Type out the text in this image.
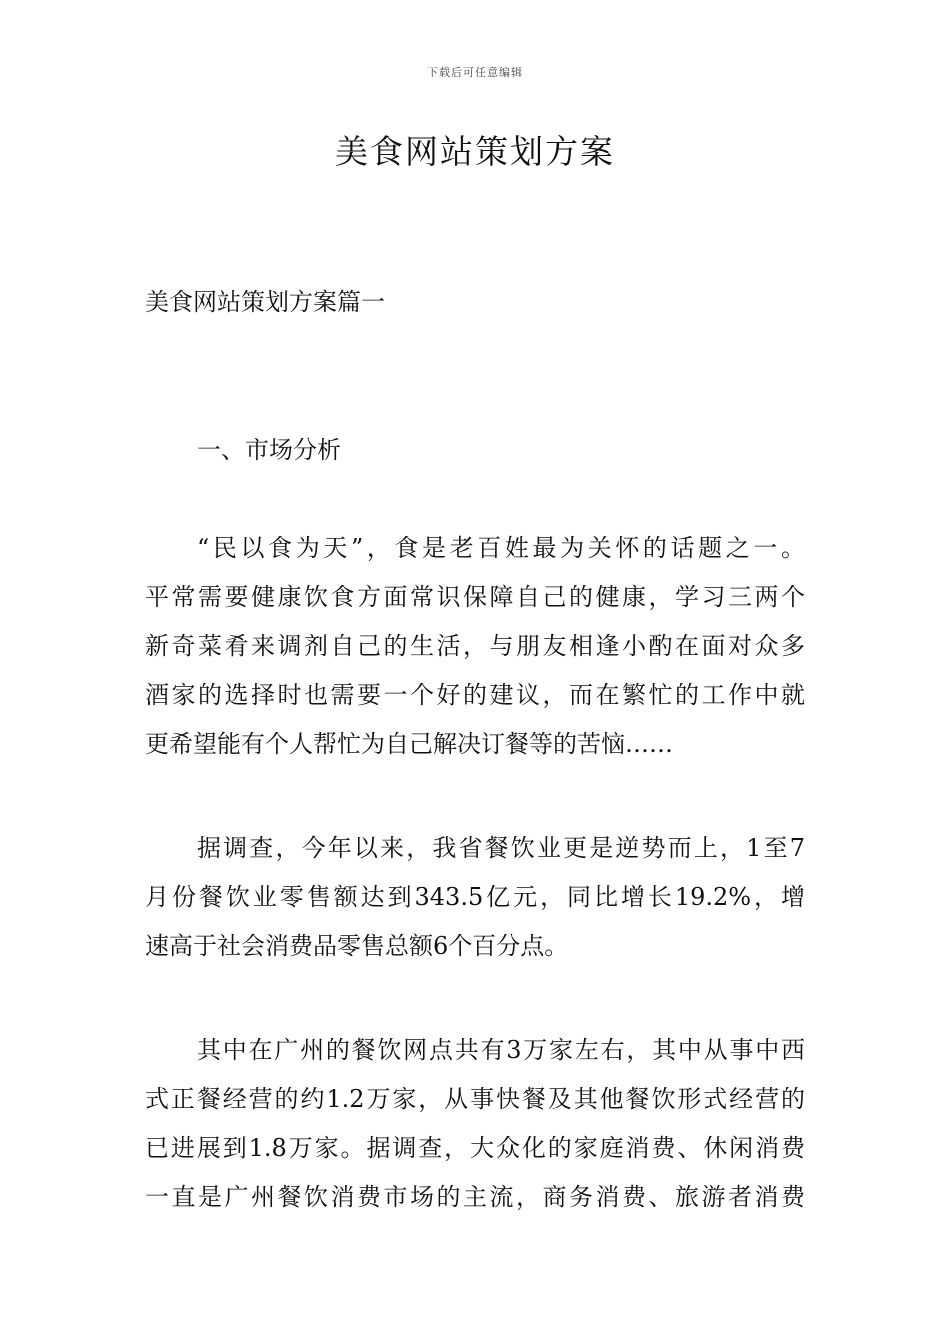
下载后可任意编辑
美食网站策划方案
美食网站策划方案篇一
一、市场分析

“民以食为天”，食是老百姓最为关怀的话题之一。
平常需要健康饮食方面常识保障自己的健康，学习三两个
新奇菜肴来调剂自己的生活，与朋友相逢小酌在面对众多
酒家的选择时也需要一个好的建议，而在繁忙的工作中就
更希望能有个人帮忙为自己解决订餐等的苦恼……

据调查，今年以来，我省餐饮业更是逆势而上，1至7
月份餐饮业零售额达到343.5亿元，同比增长19.2%，增
速高于社会消费品零售总额6个百分点。

其中在广州的餐饮网点共有3万家左右，其中从事中西
式正餐经营的约1.2万家，从事快餐及其他餐饮形式经营的
已进展到1.8万家。据调查，大众化的家庭消费、休闲消费
一直是广州餐饮消费市场的主流，商务消费、旅游者消费
